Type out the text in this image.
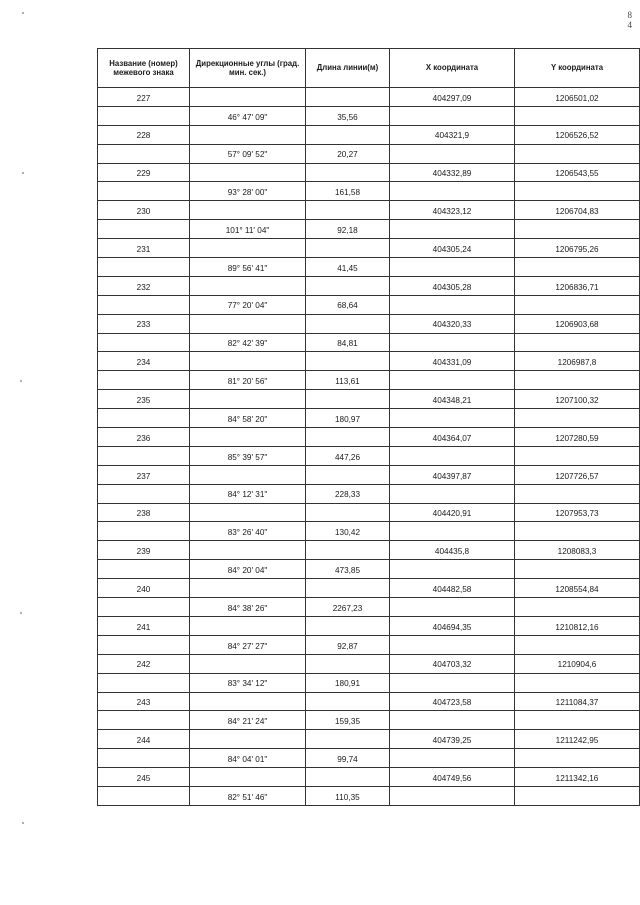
8
4
Название (номер) межевого знака	Дирекционные углы (град. мин. сек.)	Длина линии(м)	X координата	Y координата
227			404297,09	1206501,02
	46° 47' 09"	35,56		
228			404321,9	1206526,52
	57° 09' 52"	20,27		
229			404332,89	1206543,55
	93° 28' 00"	161,58		
230			404323,12	1206704,83
	101° 11' 04"	92,18		
231			404305,24	1206795,26
	89° 56' 41"	41,45		
232			404305,28	1206836,71
	77° 20' 04"	68,64		
233			404320,33	1206903,68
	82° 42' 39"	84,81		
234			404331,09	1206987,8
	81° 20' 56"	113,61		
235			404348,21	1207100,32
	84° 58' 20"	180,97		
236			404364,07	1207280,59
	85° 39' 57"	447,26		
237			404397,87	1207726,57
	84° 12' 31"	228,33		
238			404420,91	1207953,73
	83° 26' 40"	130,42		
239			404435,8	1208083,3
	84° 20' 04"	473,85		
240			404482,58	1208554,84
	84° 38' 26"	2267,23		
241			404694,35	1210812,16
	84° 27' 27"	92,87		
242			404703,32	1210904,6
	83° 34' 12"	180,91		
243			404723,58	1211084,37
	84° 21' 24"	159,35		
244			404739,25	1211242,95
	84° 04' 01"	99,74		
245			404749,56	1211342,16
	82° 51' 46"	110,35		
